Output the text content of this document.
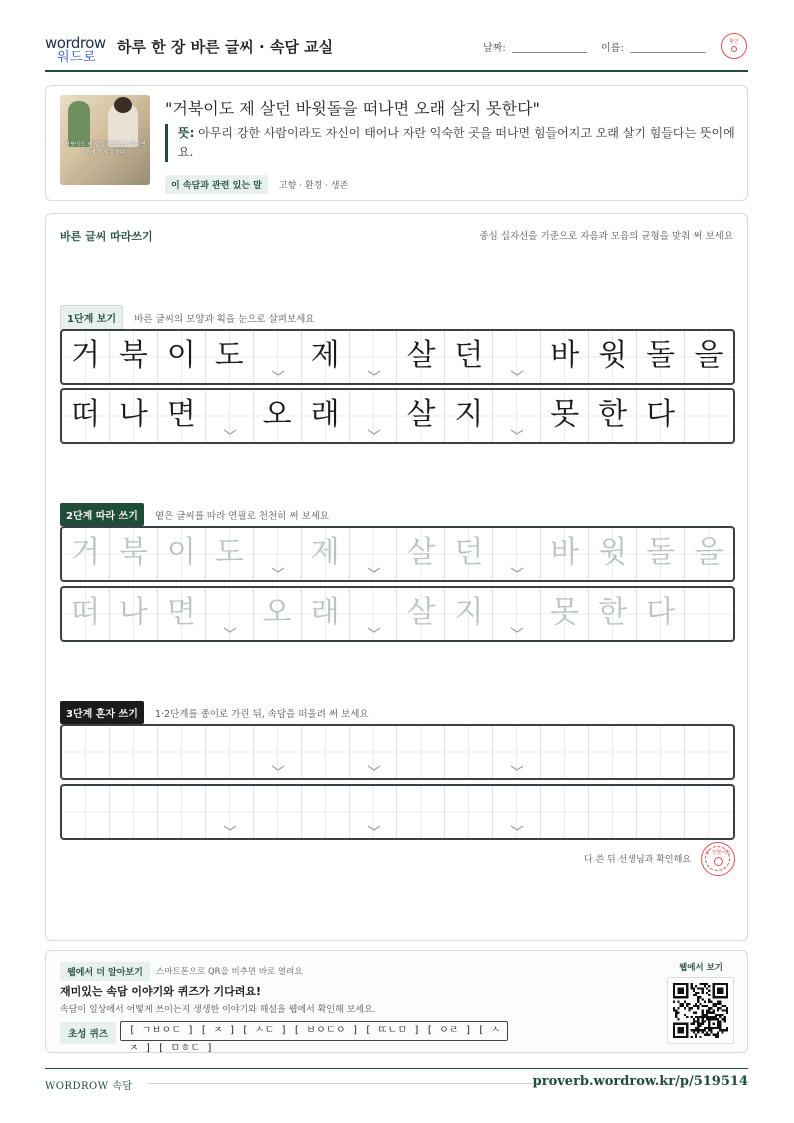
wordrow
워드로
하루 한 장 바른 글씨 · 속담 교실	날짜:	이름:
확인
거북이도 제 살던 바윗돌을 떠나면 오래 살지 못한다
"거북이도 제 살던 바윗돌을 떠나면 오래 살지 못한다"
뜻: 아무리 강한 사람이라도 자신이 태어나 자란 익숙한 곳을 떠나면 힘들어지고 오래 살기 힘들다는 뜻이에요.
이 속담과 관련 있는 말 고향 · 환경 · 생존
바른 글씨 따라쓰기	중심 십자선을 기준으로 자음과 모음의 균형을 맞춰 써 보세요
1단계 보기 바른 글씨의 모양과 획을 눈으로 살펴보세요
거 북 이 도 제 살 던 바 윗 돌 을
떠 나 면 오 래 살 지 못 한 다
2단계 따라 쓰기 옅은 글씨를 따라 연필로 천천히 써 보세요
거 북 이 도 제 살 던 바 윗 돌 을
떠 나 면 오 래 살 지 못 한 다
3단계 혼자 쓰기 1·2단계를 종이로 가린 뒤, 속담을 떠올려 써 보세요
다 쓴 뒤 선생님과 확인해요
참 잘했어요
웹에서 더 알아보기	스마트폰으로 QR을 비추면 바로 열려요
재미있는 속담 이야기와 퀴즈가 기다려요!
속담이 일상에서 어떻게 쓰이는지 생생한 이야기와 해설을 웹에서 확인해 보세요.
초성 퀴즈	[ ㄱㅂㅇㄷ ] [ ㅈ ] [ ㅅㄷ ] [ ㅂㅇㄷㅇ ] [ ㄸㄴㅁ ] [ ㅇㄹ ] [ ㅅㅈ ] [ ㅁㅎㄷ ]
웹에서 보기
WORDROW 속담	proverb.wordrow.kr/p/519514
